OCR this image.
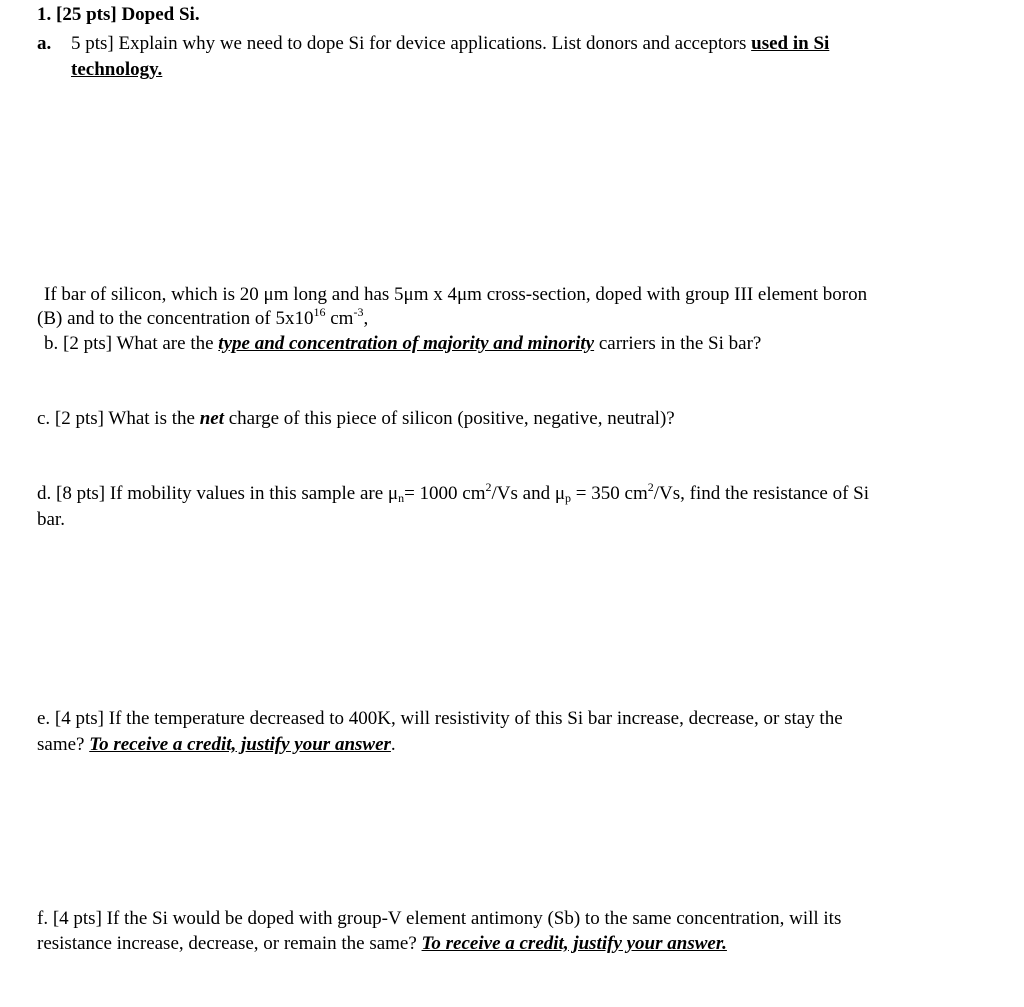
1. [25 pts] Doped Si.
a. 5 pts] Explain why we need to dope Si for device applications. List donors and acceptors used in Si
technology.
If bar of silicon, which is 20 μm long and has 5μm x 4μm cross-section, doped with group III element boron
(B) and to the concentration of $5x10^{16}$ $cm^{-3}$,
b. [2 pts] What are the type and concentration of majority and minority carriers in the Si bar?
c. [2 pts] What is the net charge of this piece of silicon (positive, negative, neutral)?
d. [8 pts] If mobility values in this sample are $\mu_n= 1000$ $cm^2/Vs$ and $\mu_p = 350$ $cm^2/Vs$, find the resistance of Si
bar.
e. [4 pts] If the temperature decreased to 400K, will resistivity of this Si bar increase, decrease, or stay the
same? To receive a credit, justify your answer.
f. [4 pts] If the Si would be doped with group-V element antimony (Sb) to the same concentration, will its
resistance increase, decrease, or remain the same? To receive a credit, justify your answer.
